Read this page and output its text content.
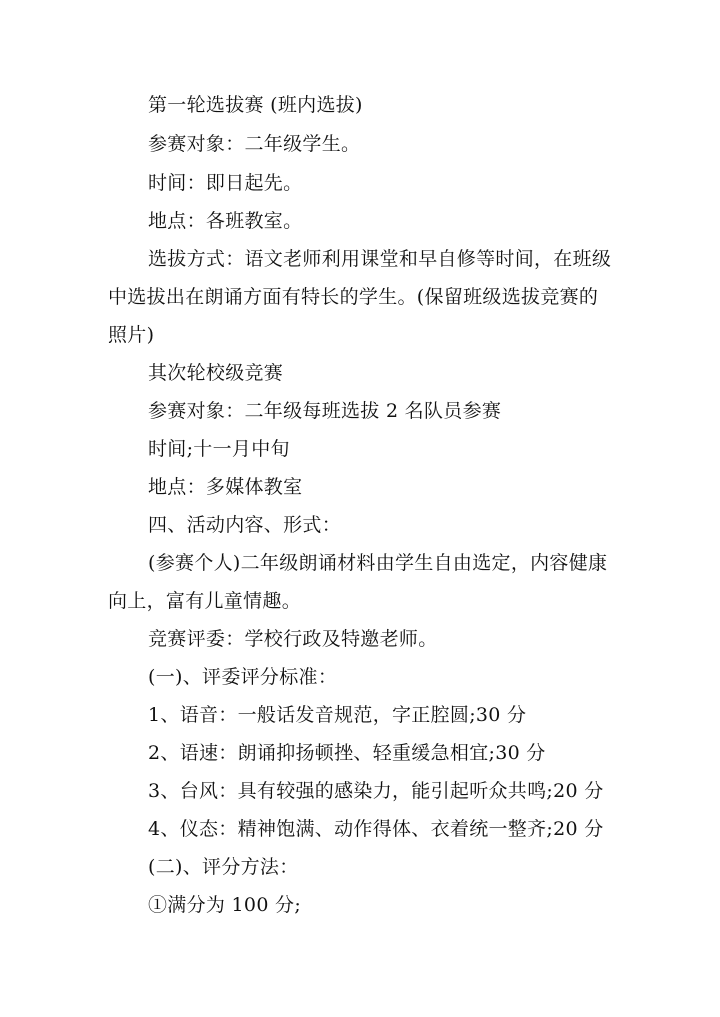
第一轮选拔赛 (班内选拔)
参赛对象：二年级学生。
时间：即日起先。
地点：各班教室。
选拔方式：语文老师利用课堂和早自修等时间，在班级
中选拔出在朗诵方面有特长的学生。(保留班级选拔竞赛的
照片)
其次轮校级竞赛
参赛对象：二年级每班选拔 2 名队员参赛
时间;十一月中旬
地点：多媒体教室
四、活动内容、形式：
(参赛个人)二年级朗诵材料由学生自由选定，内容健康
向上，富有儿童情趣。
竞赛评委：学校行政及特邀老师。
(一)、评委评分标准：
1、语音：一般话发音规范，字正腔圆;30 分
2、语速：朗诵抑扬顿挫、轻重缓急相宜;30 分
3、台风：具有较强的感染力，能引起听众共鸣;20 分
4、仪态：精神饱满、动作得体、衣着统一整齐;20 分
(二)、评分方法：
①满分为 100 分;
